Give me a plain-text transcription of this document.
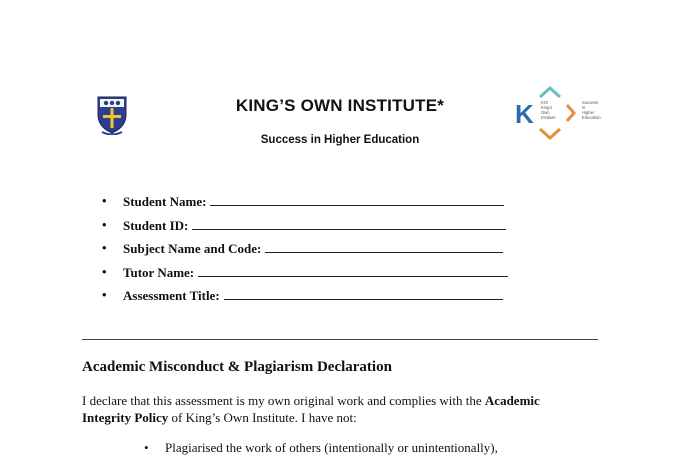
K KOI King's Own Institute
Success in Higher Education
KING’S OWN INSTITUTE*
Success in Higher Education
• Student Name:
• Student ID:
• Subject Name and Code:
• Tutor Name:
• Assessment Title:
Academic Misconduct & Plagiarism Declaration
I declare that this assessment is my own original work and complies with the Academic Integrity Policy of King’s Own Institute. I have not:
• Plagiarised the work of others (intentionally or unintentionally),
